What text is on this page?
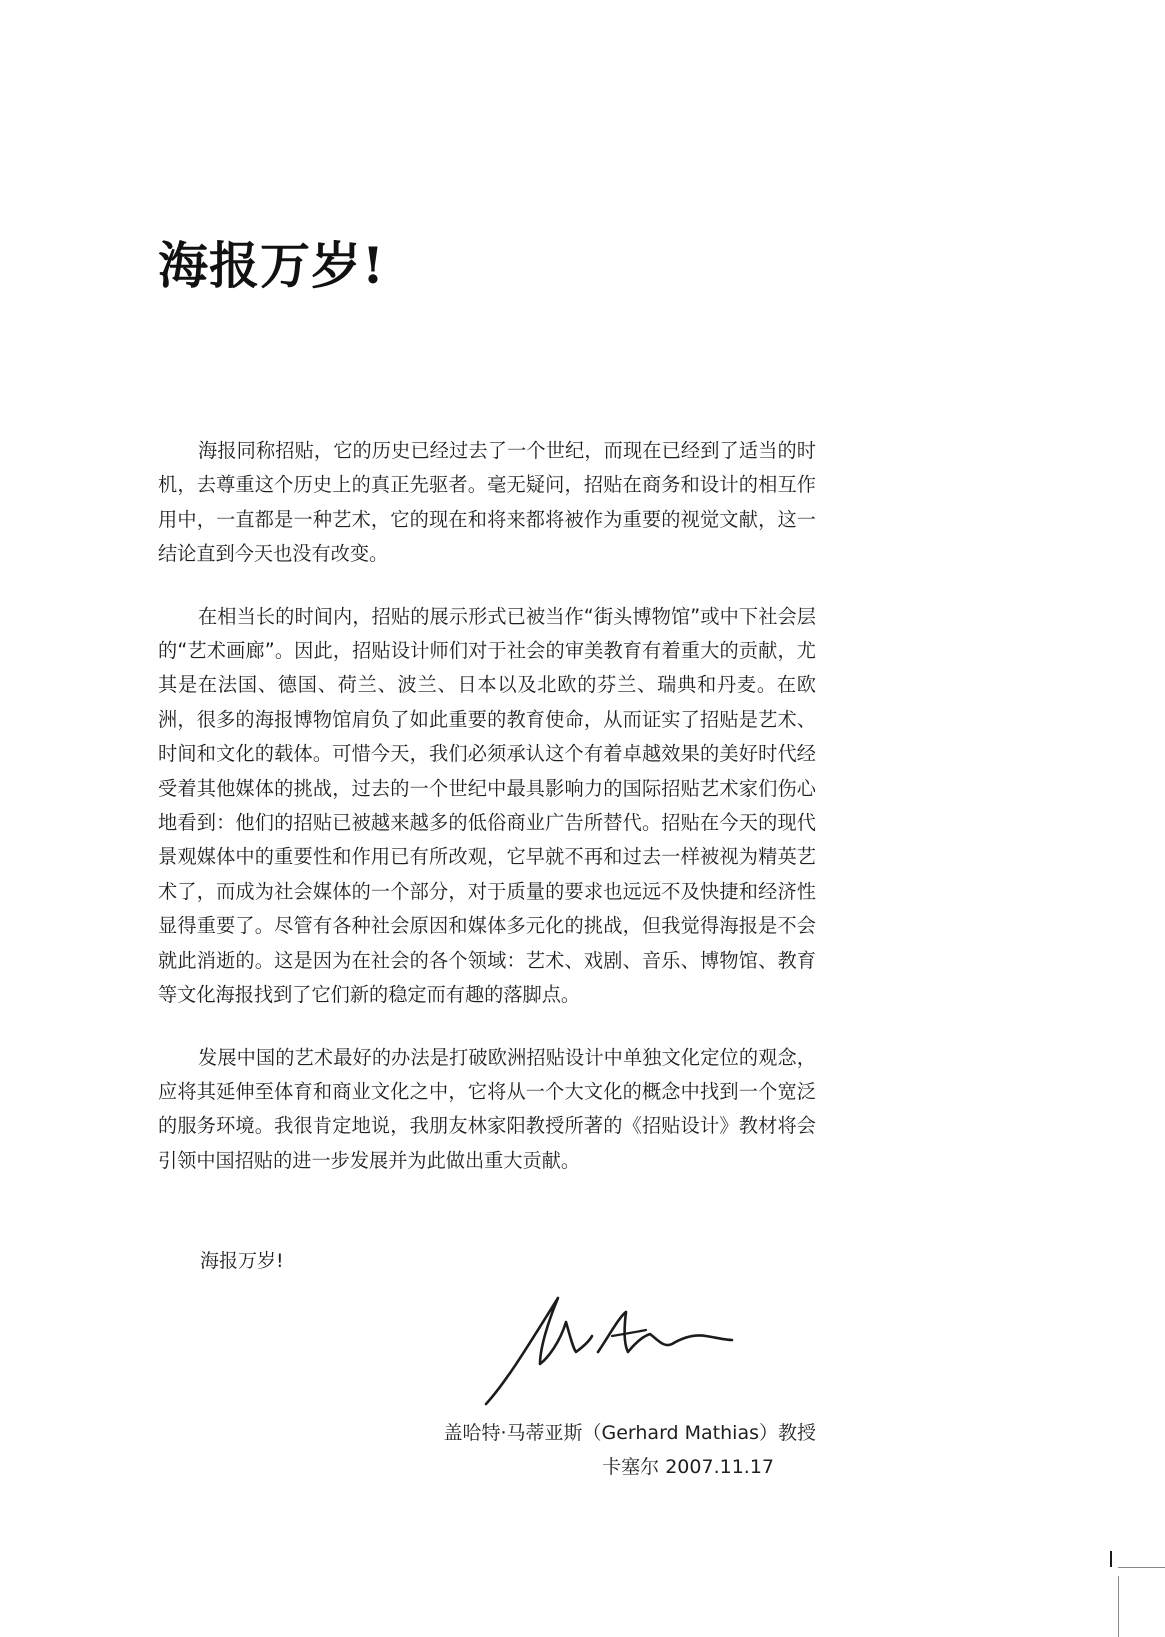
海报万岁!

海报同称招贴，它的历史已经过去了一个世纪，而现在已经到了适当的时机，去尊重这个历史上的真正先驱者。毫无疑问，招贴在商务和设计的相互作用中，一直都是一种艺术，它的现在和将来都将被作为重要的视觉文献，这一结论直到今天也没有改变。

在相当长的时间内，招贴的展示形式已被当作“街头博物馆”或中下社会层的“艺术画廊”。因此，招贴设计师们对于社会的审美教育有着重大的贡献，尤其是在法国、德国、荷兰、波兰、日本以及北欧的芬兰、瑞典和丹麦。在欧洲，很多的海报博物馆肩负了如此重要的教育使命，从而证实了招贴是艺术、时间和文化的载体。可惜今天，我们必须承认这个有着卓越效果的美好时代经受着其他媒体的挑战，过去的一个世纪中最具影响力的国际招贴艺术家们伤心地看到：他们的招贴已被越来越多的低俗商业广告所替代。招贴在今天的现代景观媒体中的重要性和作用已有所改观，它早就不再和过去一样被视为精英艺术了，而成为社会媒体的一个部分，对于质量的要求也远远不及快捷和经济性显得重要了。尽管有各种社会原因和媒体多元化的挑战，但我觉得海报是不会就此消逝的。这是因为在社会的各个领域：艺术、戏剧、音乐、博物馆、教育等文化海报找到了它们新的稳定而有趣的落脚点。

发展中国的艺术最好的办法是打破欧洲招贴设计中单独文化定位的观念，应将其延伸至体育和商业文化之中，它将从一个大文化的概念中找到一个宽泛的服务环境。我很肯定地说，我朋友林家阳教授所著的《招贴设计》教材将会引领中国招贴的进一步发展并为此做出重大贡献。

海报万岁!

盖哈特·马蒂亚斯（Gerhard Mathias）教授
卡塞尔 2007.11.17
